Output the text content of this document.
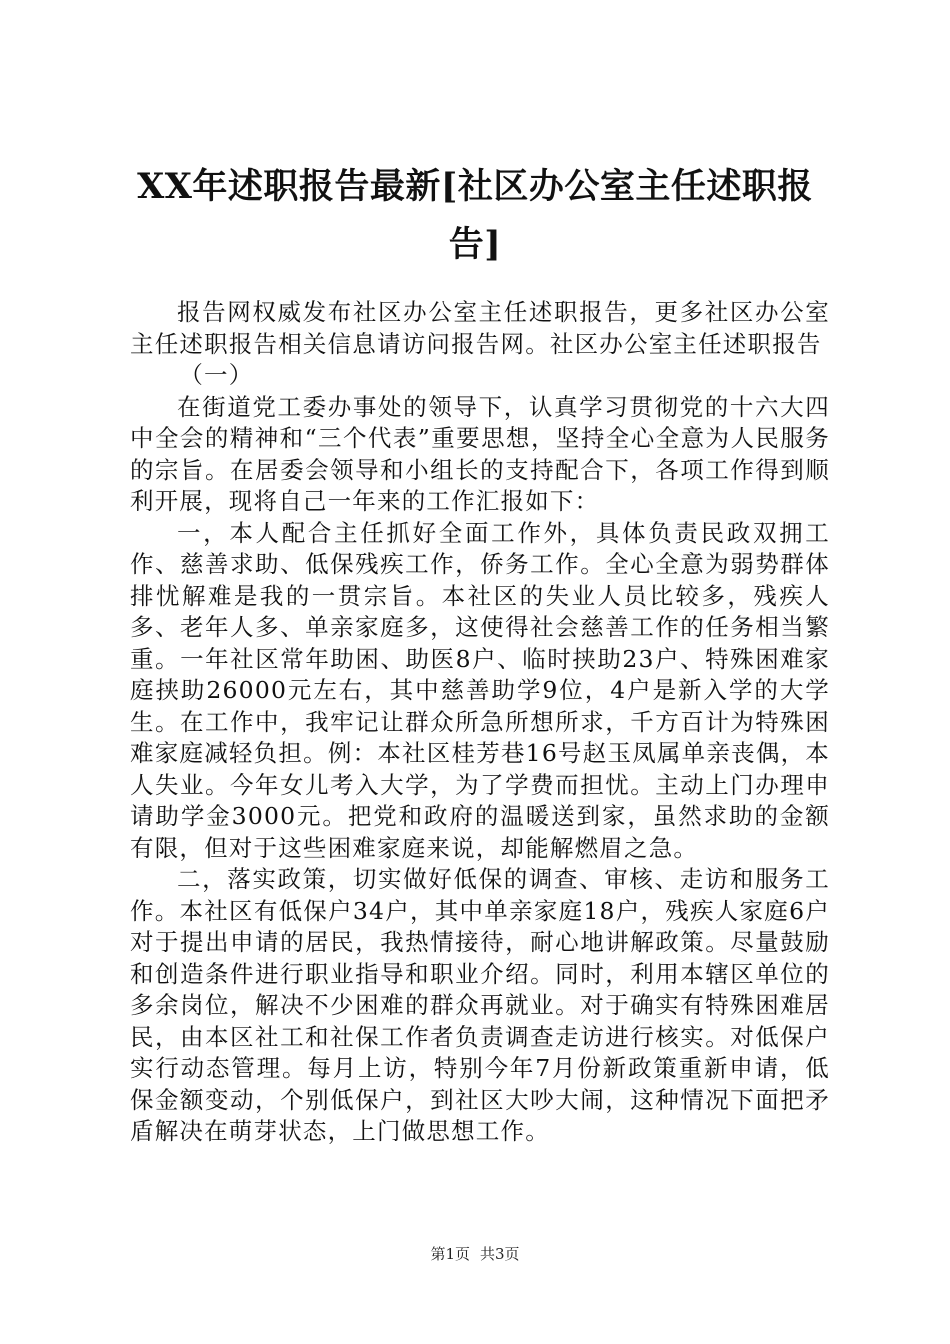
XX年述职报告最新[社区办公室主任述职报告]

报告网权威发布社区办公室主任述职报告，更多社区办公室主任述职报告相关信息请访问报告网。社区办公室主任述职报告

（一）

在街道党工委办事处的领导下，认真学习贯彻党的十六大四中全会的精神和“三个代表”重要思想，坚持全心全意为人民服务的宗旨。在居委会领导和小组长的支持配合下，各项工作得到顺利开展，现将自己一年来的工作汇报如下：

一，本人配合主任抓好全面工作外，具体负责民政双拥工作、慈善求助、低保残疾工作，侨务工作。全心全意为弱势群体排忧解难是我的一贯宗旨。本社区的失业人员比较多，残疾人多、老年人多、单亲家庭多，这使得社会慈善工作的任务相当繁重。一年社区常年助困、助医8户、临时挟助23户、特殊困难家庭挟助26000元左右，其中慈善助学9位，4户是新入学的大学生。在工作中，我牢记让群众所急所想所求，千方百计为特殊困难家庭减轻负担。例：本社区桂芳巷16号赵玉凤属单亲丧偶，本人失业。今年女儿考入大学，为了学费而担忧。主动上门办理申请助学金3000元。把党和政府的温暖送到家，虽然求助的金额有限，但对于这些困难家庭来说，却能解燃眉之急。

二，落实政策，切实做好低保的调查、审核、走访和服务工作。本社区有低保户34户，其中单亲家庭18户，残疾人家庭6户对于提出申请的居民，我热情接待，耐心地讲解政策。尽量鼓励和创造条件进行职业指导和职业介绍。同时，利用本辖区单位的多余岗位，解决不少困难的群众再就业。对于确实有特殊困难居民，由本区社工和社保工作者负责调查走访进行核实。对低保户实行动态管理。每月上访，特别今年7月份新政策重新申请，低保金额变动，个别低保户，到社区大吵大闹，这种情况下面把矛盾解决在萌芽状态，上门做思想工作。

第1页 共3页
